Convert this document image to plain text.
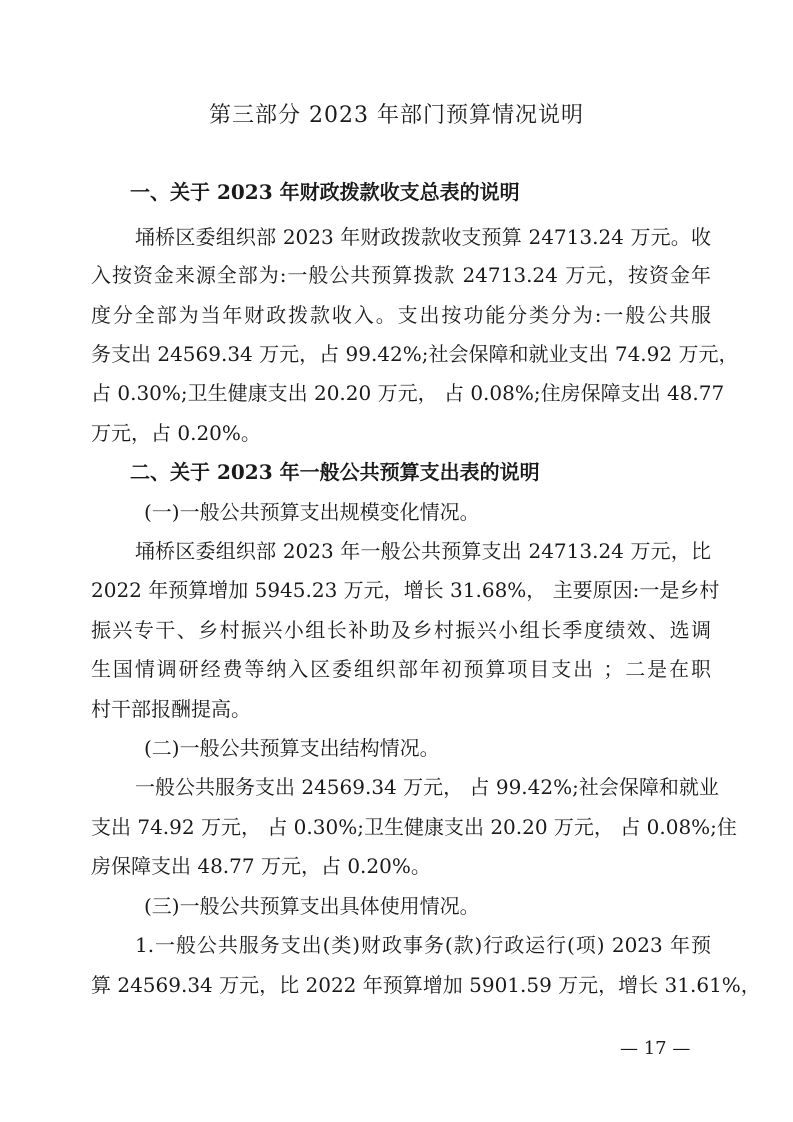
第三部分 2023 年部门预算情况说明
一、关于 2023 年财政拨款收支总表的说明
埇桥区委组织部 2023 年财政拨款收支预算 24713.24 万元。收
入按资金来源全部为:一般公共预算拨款 24713.24 万元，按资金年
度分全部为当年财政拨款收入。支出按功能分类分为:一般公共服
务支出 24569.34 万元，占 99.42%;社会保障和就业支出 74.92 万元，
占 0.30%;卫生健康支出 20.20 万元， 占 0.08%;住房保障支出 48.77
万元，占 0.20%。
二、关于 2023 年一般公共预算支出表的说明
(一)一般公共预算支出规模变化情况。
埇桥区委组织部 2023 年一般公共预算支出 24713.24 万元，比
2022 年预算增加 5945.23 万元，增长 31.68%， 主要原因:一是乡村
振兴专干、乡村振兴小组长补助及乡村振兴小组长季度绩效、选调
生国情调研经费等纳入区委组织部年初预算项目支出 ；二是在职
村干部报酬提高。
(二)一般公共预算支出结构情况。
一般公共服务支出 24569.34 万元， 占 99.42%;社会保障和就业
支出 74.92 万元， 占 0.30%;卫生健康支出 20.20 万元， 占 0.08%;住
房保障支出 48.77 万元，占 0.20%。
(三)一般公共预算支出具体使用情况。
1.一般公共服务支出(类)财政事务(款)行政运行(项) 2023 年预
算 24569.34 万元，比 2022 年预算增加 5901.59 万元，增长 31.61%，
— 17 —
